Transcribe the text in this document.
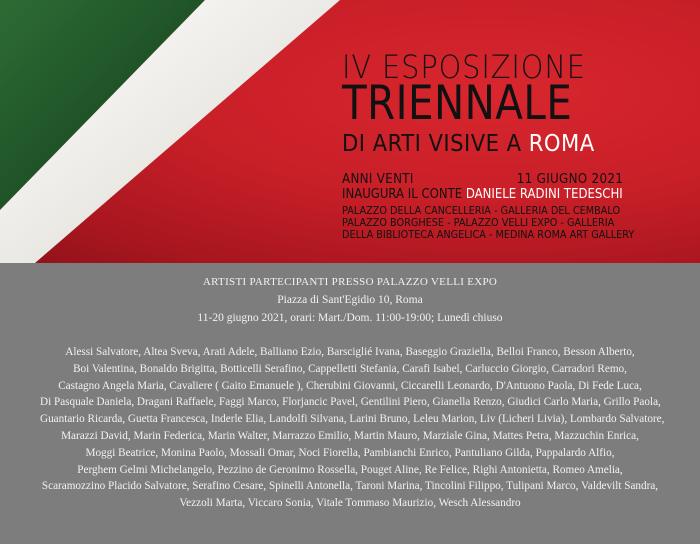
IV ESPOSIZIONE
TRIENNALE
DI ARTI VISIVE A ROMA
ANNI VENTI	11 GIUGNO 2021
INAUGURA IL CONTE DANIELE RADINI TEDESCHI
PALAZZO DELLA CANCELLERIA - GALLERIA DEL CEMBALO
PALAZZO BORGHESE - PALAZZO VELLI EXPO - GALLERIA
DELLA BIBLIOTECA ANGELICA - MEDINA ROMA ART GALLERY
ARTISTI PARTECIPANTI PRESSO PALAZZO VELLI EXPO
Piazza di Sant'Egidio 10, Roma
11-20 giugno 2021, orari: Mart./Dom. 11:00-19:00; Lunedì chiuso
Alessi Salvatore, Altea Sveva, Arati Adele, Balliano Ezio, Barsciglié Ivana, Baseggio Graziella, Belloi Franco, Besson Alberto,
Boi Valentina, Bonaldo Brigitta, Botticelli Serafino, Cappelletti Stefania, Carafi Isabel, Carluccio Giorgio, Carradori Remo,
Castagno Angela Maria, Cavaliere ( Gaito Emanuele ), Cherubini Giovanni, Ciccarelli Leonardo, D'Antuono Paola, Di Fede Luca,
Di Pasquale Daniela, Dragani Raffaele, Faggi Marco, Florjancic Pavel, Gentilini Piero, Gianella Renzo, Giudici Carlo Maria, Grillo Paola,
Guantario Ricarda, Guetta Francesca, Inderle Elia, Landolfi Silvana, Larini Bruno, Leleu Marion, Liv (Licheri Livia), Lombardo Salvatore,
Marazzi David, Marin Federica, Marin Walter, Marrazzo Emilio, Martin Mauro, Marziale Gina, Mattes Petra, Mazzuchin Enrica,
Moggi Beatrice, Monina Paolo, Mossali Omar, Noci Fiorella, Pambianchi Enrico, Pantuliano Gilda, Pappalardo Alfio,
Perghem Gelmi Michelangelo, Pezzino de Geronimo Rossella, Pouget Aline, Re Felice, Righi Antonietta, Romeo Amelia,
Scaramozzino Placido Salvatore, Serafino Cesare, Spinelli Antonella, Taroni Marina, Tincolini Filippo, Tulipani Marco, Valdevilt Sandra,
Vezzoli Marta, Viccaro Sonia, Vitale Tommaso Maurizio, Wesch Alessandro
